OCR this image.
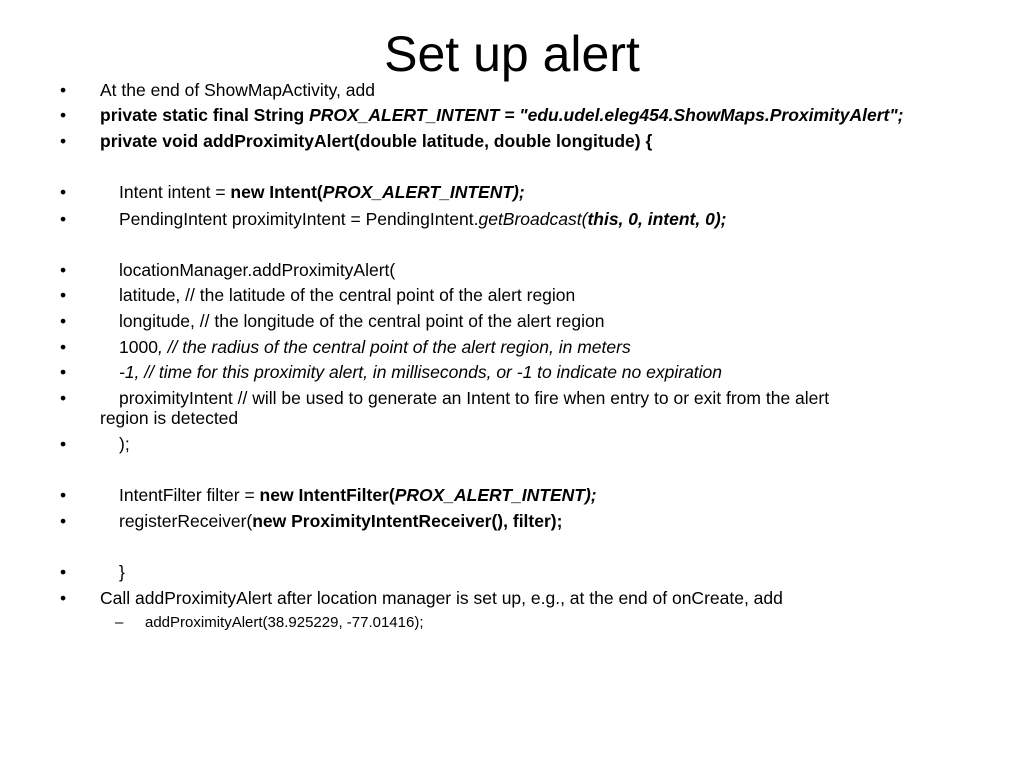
Set up alert
• At the end of ShowMapActivity, add
• private static final String PROX_ALERT_INTENT = "edu.udel.eleg454.ShowMaps.ProximityAlert";
• private void addProximityAlert(double latitude, double longitude) {
•	Intent intent = new Intent(PROX_ALERT_INTENT);
•	PendingIntent proximityIntent = PendingIntent.getBroadcast(this, 0, intent, 0);
•	locationManager.addProximityAlert(
•	latitude, // the latitude of the central point of the alert region
•	longitude, // the longitude of the central point of the alert region
•	1000, // the radius of the central point of the alert region, in meters
•	-1, // time for this proximity alert, in milliseconds, or -1 to indicate no expiration
•	proximityIntent // will be used to generate an Intent to fire when entry to or exit from the alert
region is detected
•	);
•	IntentFilter filter = new IntentFilter(PROX_ALERT_INTENT);
•	registerReceiver(new ProximityIntentReceiver(), filter);
•	}
• Call addProximityAlert after location manager is set up, e.g., at the end of onCreate, add
– addProximityAlert(38.925229, -77.01416);
